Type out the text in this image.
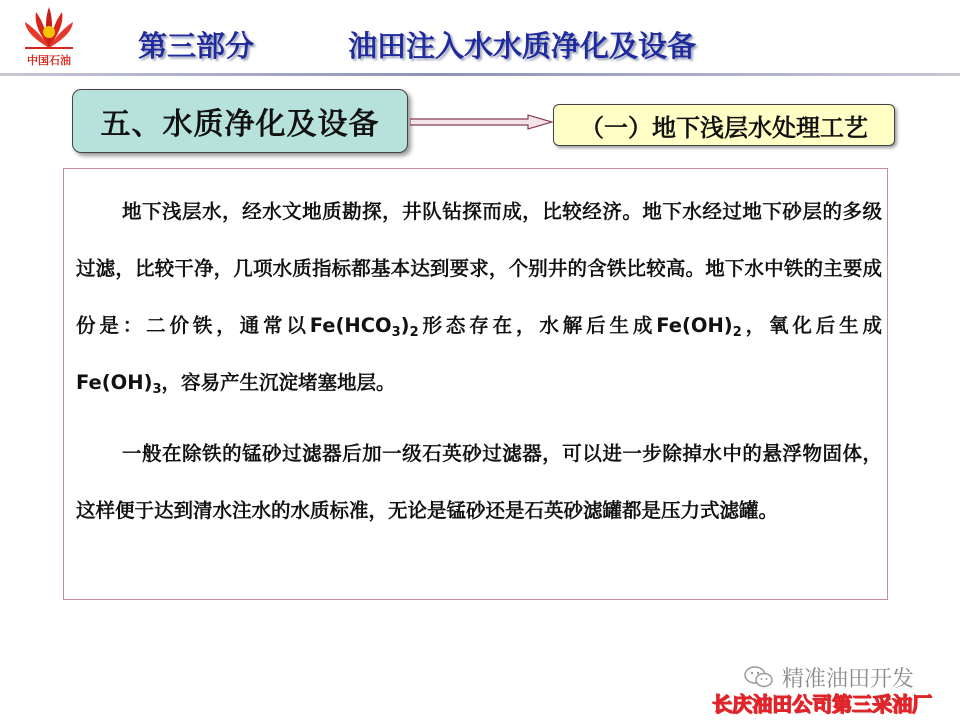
中国石油	第三部分	油田注入水水质净化及设备
五、水质净化及设备	（一）地下浅层水处理工艺
地下浅层水，经水文地质勘探，井队钻探而成，比较经济。地下水经过地下砂层的多级过滤，比较干净，几项水质指标都基本达到要求，个别井的含铁比较高。地下水中铁的主要成份是：二价铁，通常以$Fe(HCO_3)_2$形态存在，水解后生成$Fe(OH)_2$，氧化后生成$Fe(OH)_3$，容易产生沉淀堵塞地层。
一般在除铁的锰砂过滤器后加一级石英砂过滤器，可以进一步除掉水中的悬浮物固体，这样便于达到清水注水的水质标准，无论是锰砂还是石英砂滤罐都是压力式滤罐。
精准油田开发
长庆油田公司第三采油厂
